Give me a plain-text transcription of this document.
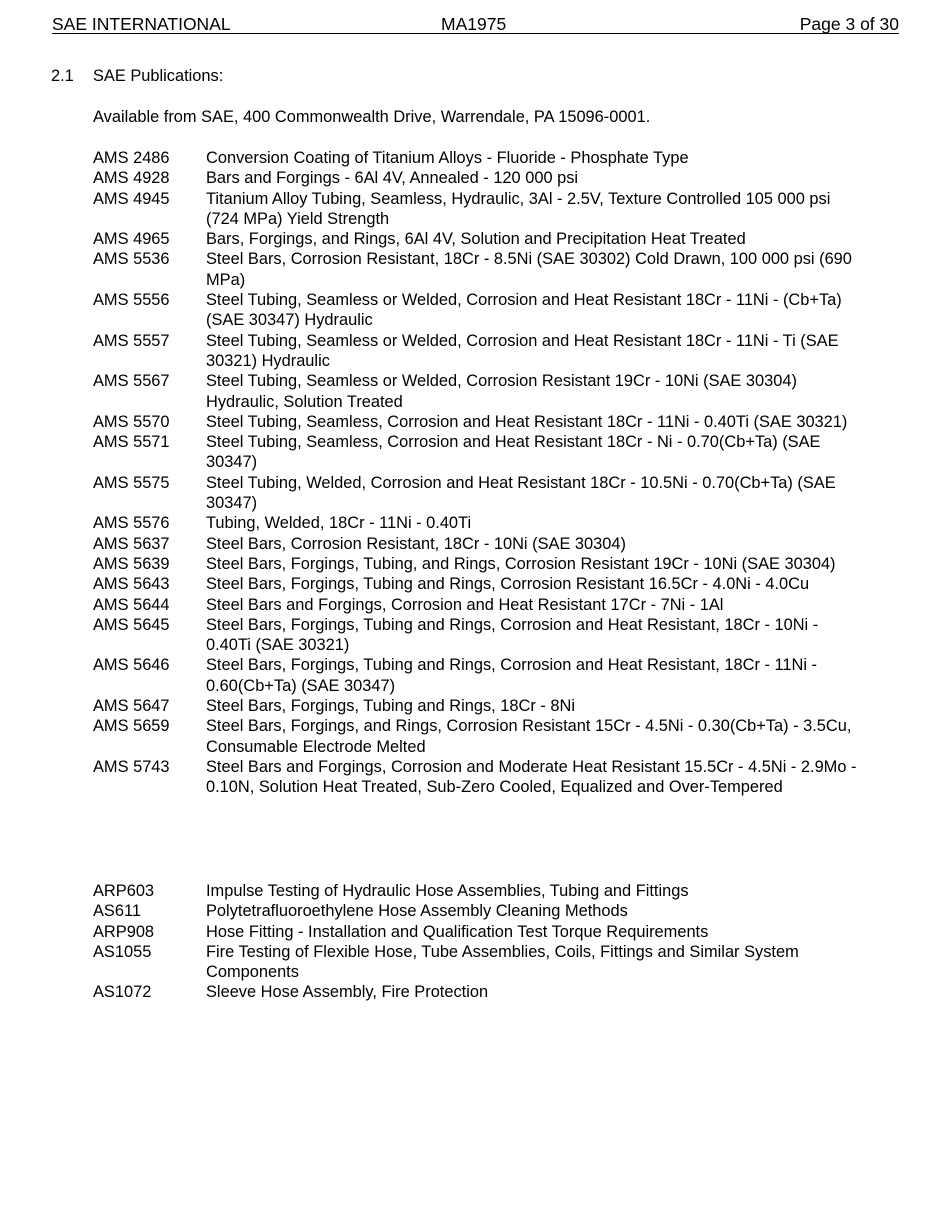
SAE INTERNATIONAL	MA1975	Page 3 of 30
2.1 SAE Publications:
Available from SAE, 400 Commonwealth Drive, Warrendale, PA 15096-0001.
AMS 2486	Conversion Coating of Titanium Alloys - Fluoride - Phosphate Type
AMS 4928	Bars and Forgings - 6Al 4V, Annealed - 120 000 psi
AMS 4945	Titanium Alloy Tubing, Seamless, Hydraulic, 3Al - 2.5V, Texture Controlled 105 000 psi (724 MPa) Yield Strength
AMS 4965	Bars, Forgings, and Rings, 6Al 4V, Solution and Precipitation Heat Treated
AMS 5536	Steel Bars, Corrosion Resistant, 18Cr - 8.5Ni (SAE 30302) Cold Drawn, 100 000 psi (690 MPa)
AMS 5556	Steel Tubing, Seamless or Welded, Corrosion and Heat Resistant 18Cr - 11Ni - (Cb+Ta) (SAE 30347) Hydraulic
AMS 5557	Steel Tubing, Seamless or Welded, Corrosion and Heat Resistant 18Cr - 11Ni - Ti (SAE 30321) Hydraulic
AMS 5567	Steel Tubing, Seamless or Welded, Corrosion Resistant 19Cr - 10Ni (SAE 30304) Hydraulic, Solution Treated
AMS 5570	Steel Tubing, Seamless, Corrosion and Heat Resistant 18Cr - 11Ni - 0.40Ti (SAE 30321)
AMS 5571	Steel Tubing, Seamless, Corrosion and Heat Resistant 18Cr - Ni - 0.70(Cb+Ta) (SAE 30347)
AMS 5575	Steel Tubing, Welded, Corrosion and Heat Resistant 18Cr - 10.5Ni - 0.70(Cb+Ta) (SAE 30347)
AMS 5576	Tubing, Welded, 18Cr - 11Ni - 0.40Ti
AMS 5637	Steel Bars, Corrosion Resistant, 18Cr - 10Ni (SAE 30304)
AMS 5639	Steel Bars, Forgings, Tubing, and Rings, Corrosion Resistant 19Cr - 10Ni (SAE 30304)
AMS 5643	Steel Bars, Forgings, Tubing and Rings, Corrosion Resistant 16.5Cr - 4.0Ni - 4.0Cu
AMS 5644	Steel Bars and Forgings, Corrosion and Heat Resistant 17Cr - 7Ni - 1Al
AMS 5645	Steel Bars, Forgings, Tubing and Rings, Corrosion and Heat Resistant, 18Cr - 10Ni - 0.40Ti (SAE 30321)
AMS 5646	Steel Bars, Forgings, Tubing and Rings, Corrosion and Heat Resistant, 18Cr - 11Ni - 0.60(Cb+Ta) (SAE 30347)
AMS 5647	Steel Bars, Forgings, Tubing and Rings, 18Cr - 8Ni
AMS 5659	Steel Bars, Forgings, and Rings, Corrosion Resistant 15Cr - 4.5Ni - 0.30(Cb+Ta) - 3.5Cu, Consumable Electrode Melted
AMS 5743	Steel Bars and Forgings, Corrosion and Moderate Heat Resistant 15.5Cr - 4.5Ni - 2.9Mo - 0.10N, Solution Heat Treated, Sub-Zero Cooled, Equalized and Over-Tempered
ARP603	Impulse Testing of Hydraulic Hose Assemblies, Tubing and Fittings
AS611	Polytetrafluoroethylene Hose Assembly Cleaning Methods
ARP908	Hose Fitting - Installation and Qualification Test Torque Requirements
AS1055	Fire Testing of Flexible Hose, Tube Assemblies, Coils, Fittings and Similar System Components
AS1072	Sleeve Hose Assembly, Fire Protection
